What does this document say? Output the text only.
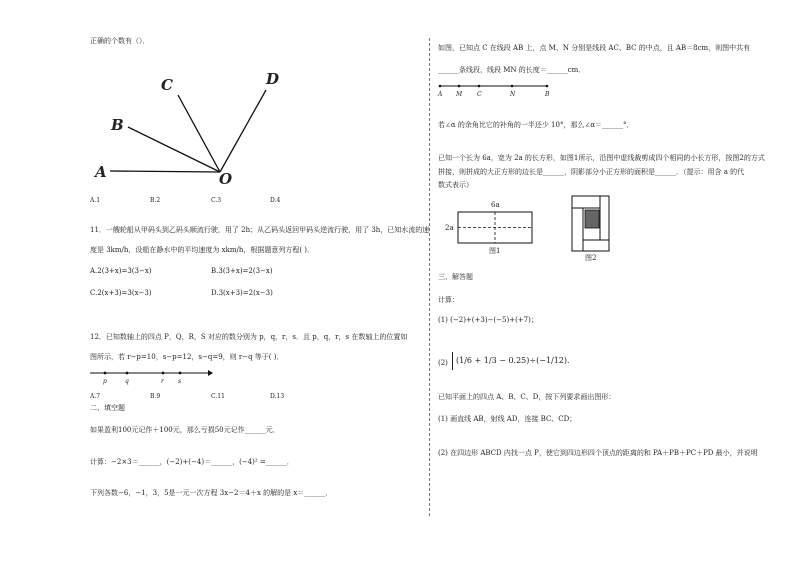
正确的个数有（）．
A
B
C	D
O
A.1	B.2	C.3	D.4
11．一艘轮船从甲码头到乙码头顺流行驶，用了 2h；从乙码头返回甲码头逆流行驶，用了 3h，已知水流的速
度是 3km/h，设船在静水中的平均速度为 xkm/h，根据题意列方程( )．
A.2(3+x)=3(3−x)	B.3(3+x)=2(3−x)
C.2(x+3)=3(x−3)	D.3(x+3)=2(x−3)
12．已知数轴上的四点 P，Q，R，S 对应的数分别为 p，q，r，s．且 p，q，r，s 在数轴上的位置如
图所示，若 r−p=10，s−p=12，s−q=9，则 r−q 等于( )．
p	q	r s
A.7	B.9	C.11	D.13
二、填空题
如果盈利100元记作＋100元，那么亏损50元记作______元．
计算：−2×3＝______，(−2)+(−4)＝______，(−4)² =______．
下列各数−6，−1，3，5是一元一次方程 3x−2＝4＋x 的解的是 x＝______．
如图，已知点 C 在线段 AB 上，点 M、N 分别是线段 AC、BC 的中点，且 AB＝8cm，则图中共有
______条线段，线段 MN 的长度＝______cm．
A M C	N	B
若∠α 的余角比它的补角的一半还少 10°，那么∠α＝______°．
已知一个长为 6a，宽为 2a 的长方形，如图1所示，沿图中虚线裁剪成四个相同的小长方形，按图2的方式
拼接，则拼成的大正方形的边长是______，阴影部分小正方形的面积是______．（提示：用含 a 的代
数式表示）
6a
2a
图1
图2
三、解答题
计算：
(1) (−2)+(+3)−(−5)+(+7)；
(2)	(1/6 + 1/3 − 0.25)÷(−1/12)．
已知平面上的四点 A、B、C、D，按下列要求画出图形：
(1) 画直线 AB，射线 AD，连接 BC、CD；
(2) 在四边形 ABCD 内找一点 P，使它到四边形四个顶点的距离的和 PA＋PB＋PC＋PD 最小，并说明
